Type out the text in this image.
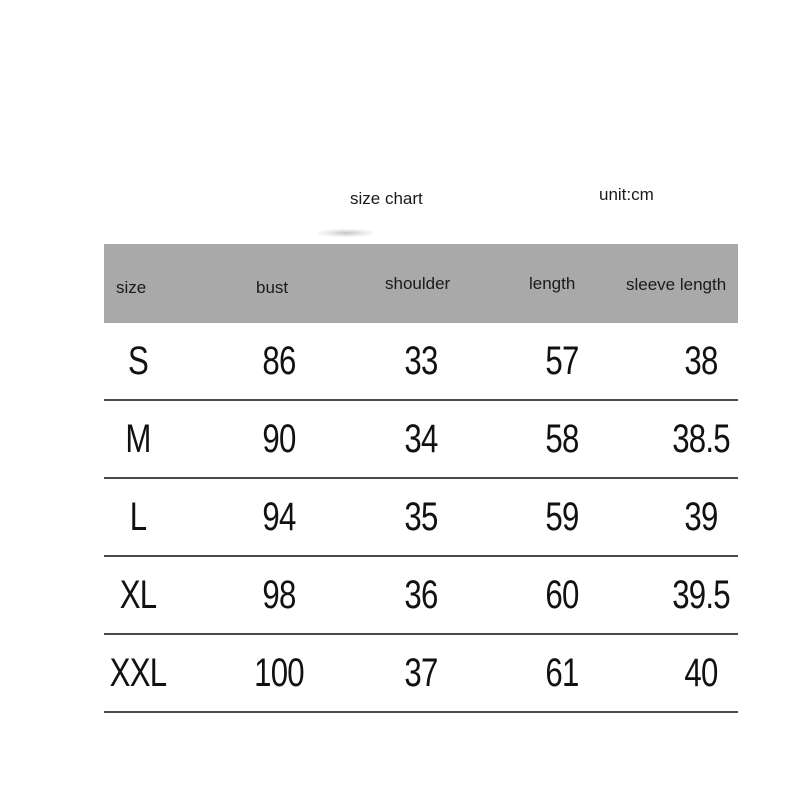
size chart	unit:cm
size	bust	shoulder	length	sleeve length
S	86	33	57	38
M	90	34	58	38.5
L	94	35	59	39
XL	98	36	60	39.5
XXL 100	37	61	40
